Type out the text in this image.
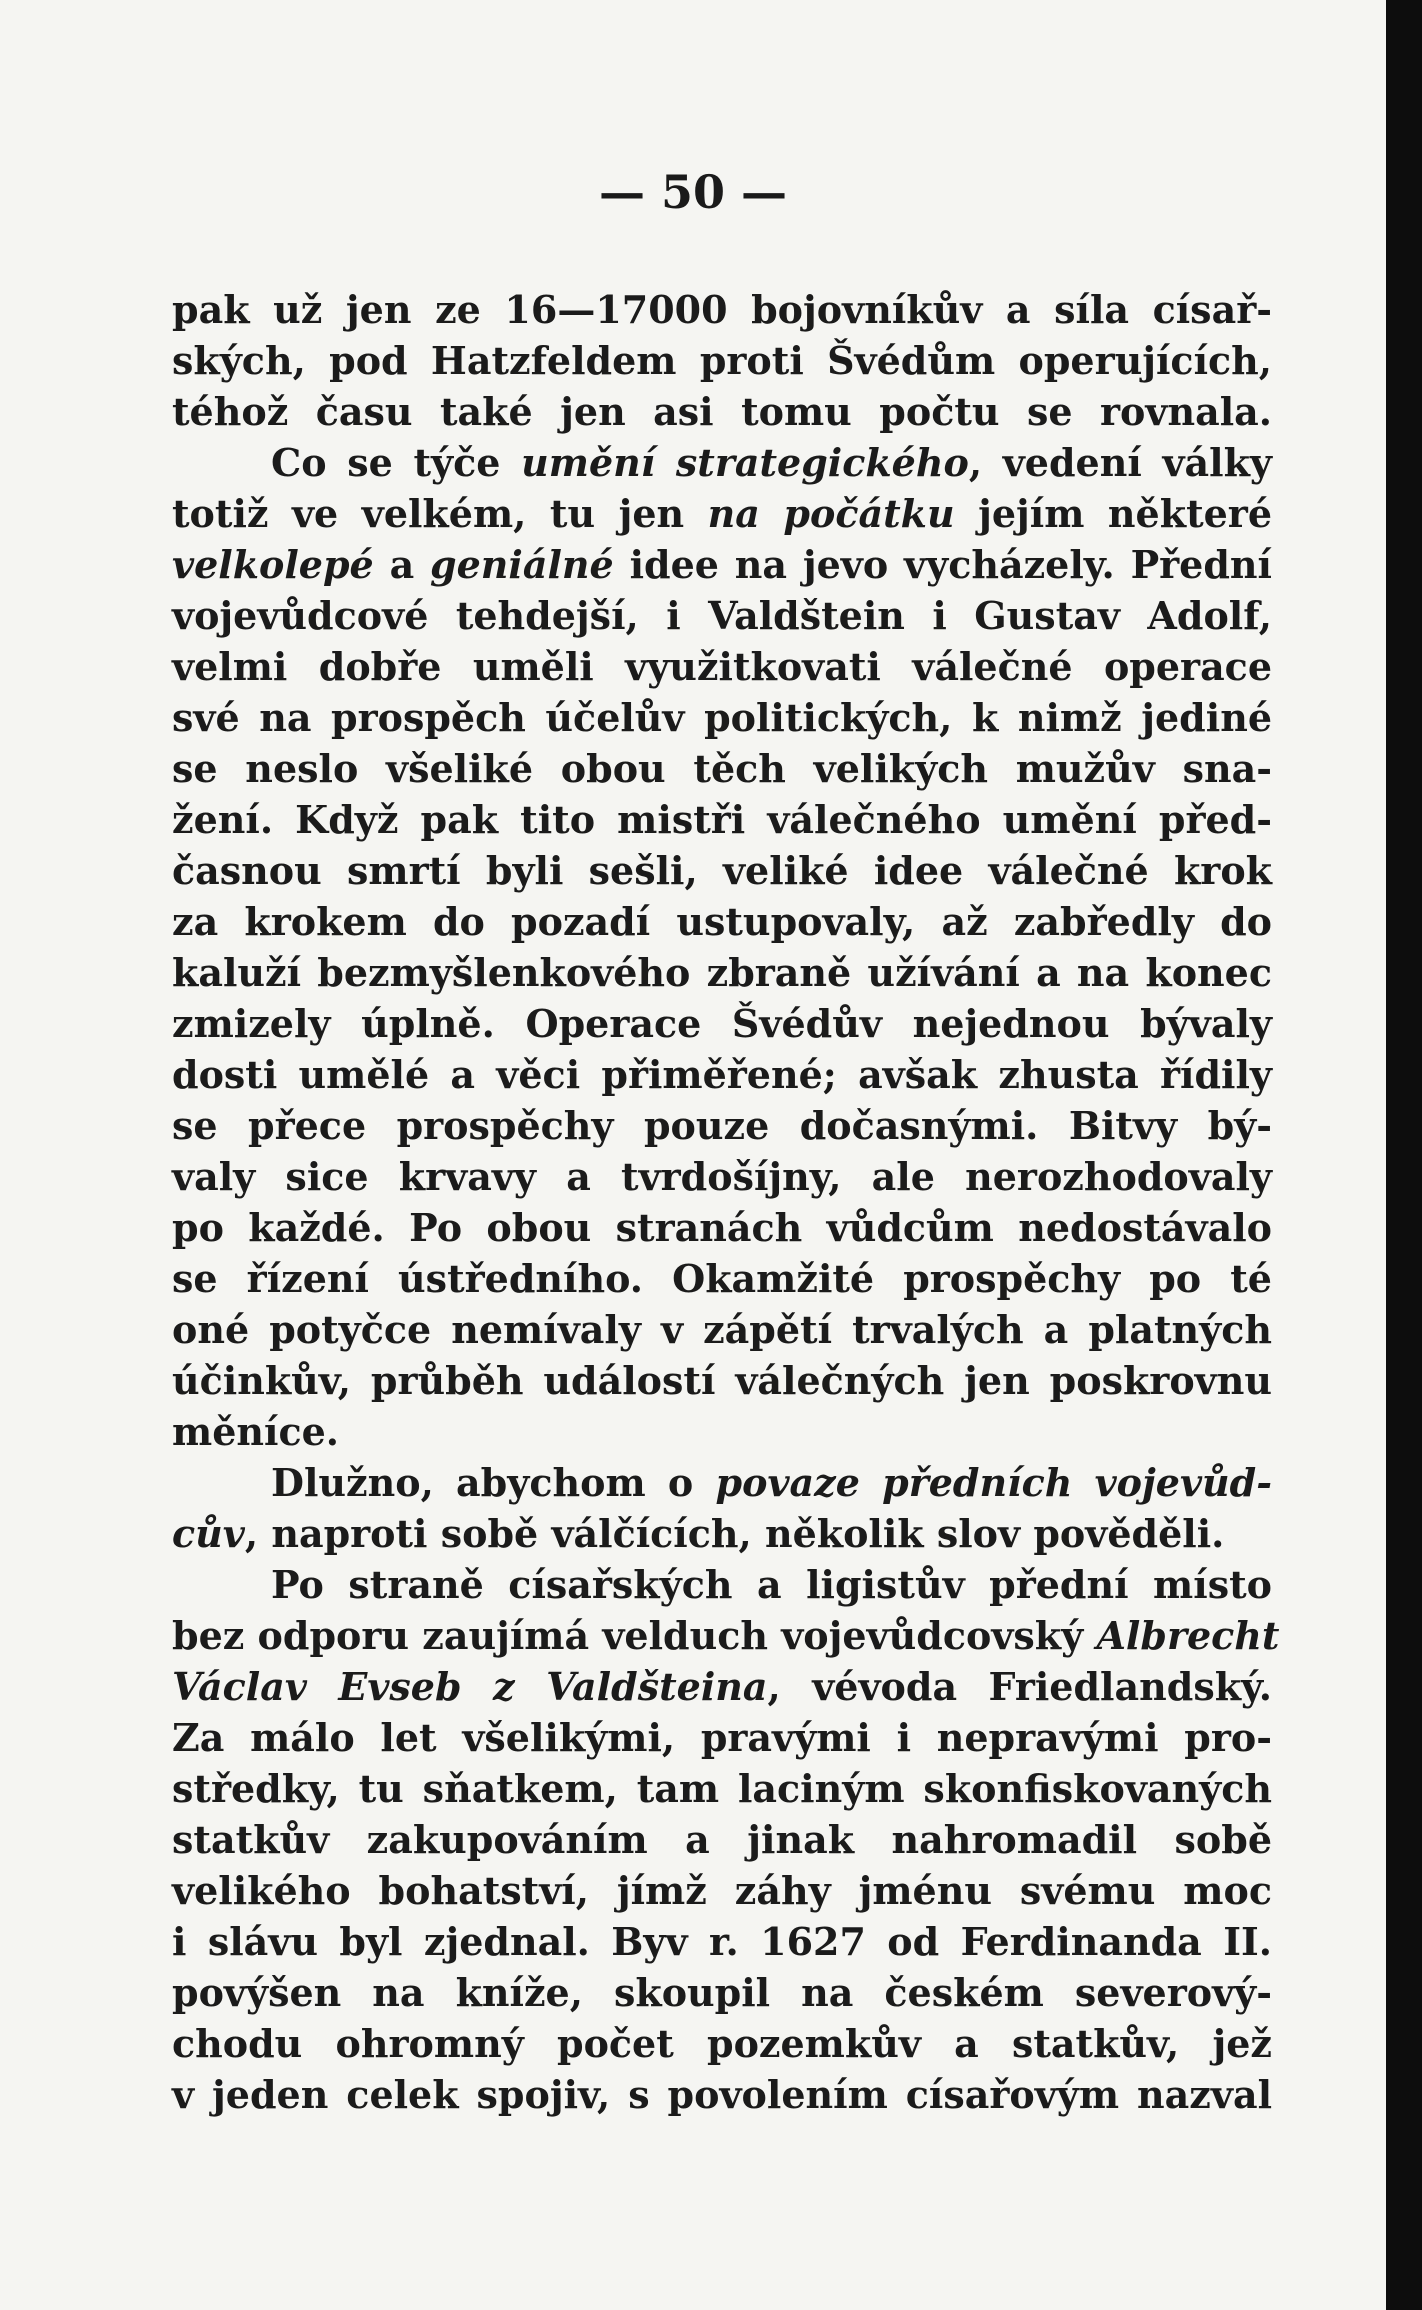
— 50 —
pak už jen ze 16—17000 bojovníkův a síla císař-
ských, pod Hatzfeldem proti Švédům operujících,
téhož času také jen asi tomu počtu se rovnala.
Co se týče umění strategického, vedení války
totiž ve velkém, tu jen na počátku jejím některé
velkolepé a geniálné idee na jevo vycházely. Přední
vojevůdcové tehdejší, i Valdštein i Gustav Adolf,
velmi dobře uměli využitkovati válečné operace
své na prospěch účelův politických, k nimž jediné
se neslo všeliké obou těch velikých mužův sna-
žení. Když pak tito mistři válečného umění před-
časnou smrtí byli sešli, veliké idee válečné krok
za krokem do pozadí ustupovaly, až zabředly do
kaluží bezmyšlenkového zbraně užívání a na konec
zmizely úplně. Operace Švédův nejednou bývaly
dosti umělé a věci přiměřené; avšak zhusta řídily
se přece prospěchy pouze dočasnými. Bitvy bý-
valy sice krvavy a tvrdošíjny, ale nerozhodovaly
po každé. Po obou stranách vůdcům nedostávalo
se řízení ústředního. Okamžité prospěchy po té
oné potyčce nemívaly v zápětí trvalých a platných
účinkův, průběh událostí válečných jen poskrovnu
měníce.
Dlužno, abychom o povaze předních vojevůd-
cův, naproti sobě válčících, několik slov pověděli.
Po straně císařských a ligistův přední místo
bez odporu zaujímá velduch vojevůdcovský Albrecht
Václav Evseb z Valdšteina, vévoda Friedlandský.
Za málo let všelikými, pravými i nepravými pro-
středky, tu sňatkem, tam laciným skonfiskovaných
statkův zakupováním a jinak nahromadil sobě
velikého bohatství, jímž záhy jménu svému moc
i slávu byl zjednal. Byv r. 1627 od Ferdinanda II.
povýšen na kníže, skoupil na českém severový-
chodu ohromný počet pozemkův a statkův, jež
v jeden celek spojiv, s povolením císařovým nazval
